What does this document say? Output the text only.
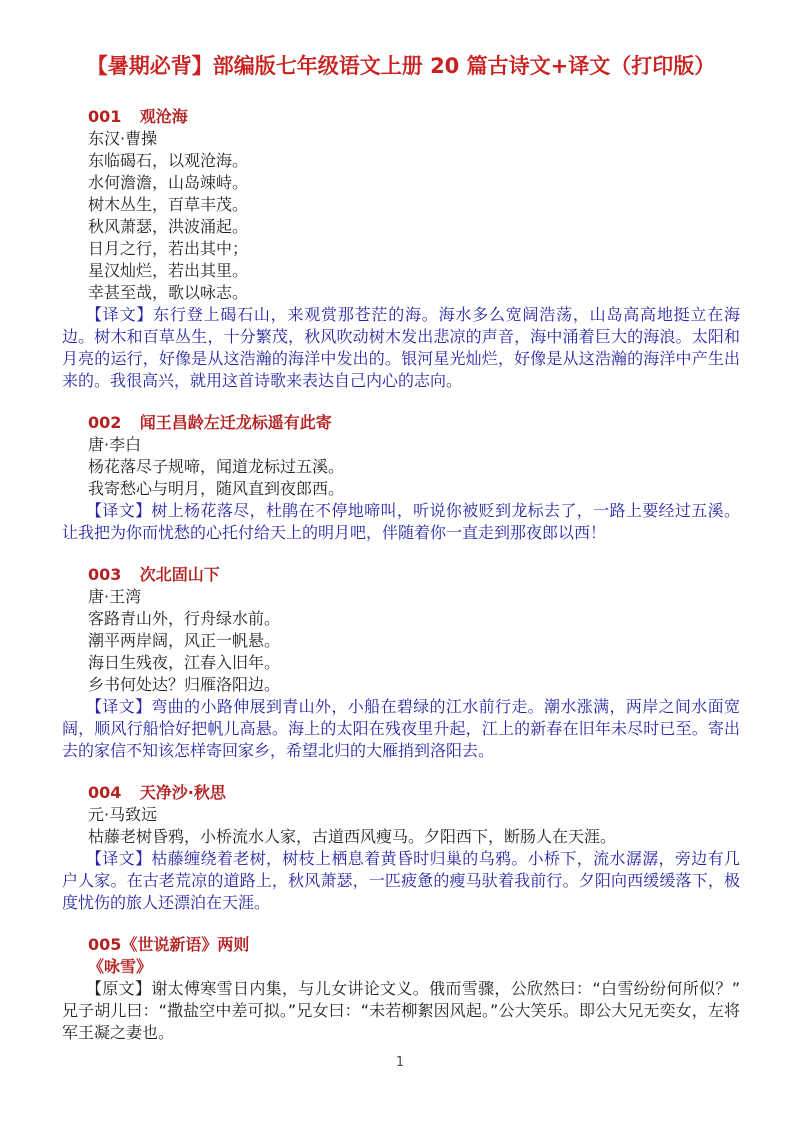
【暑期必背】部编版七年级语文上册 20 篇古诗文+译文（打印版）
001 观沧海
东汉·曹操
东临碣石，以观沧海。
水何澹澹，山岛竦峙。
树木丛生，百草丰茂。
秋风萧瑟，洪波涌起。
日月之行，若出其中；
星汉灿烂，若出其里。
幸甚至哉，歌以咏志。

【译文】东行登上碣石山，来观赏那苍茫的海。海水多么宽阔浩荡，山岛高高地挺立在海边。树木和百草丛生，十分繁茂，秋风吹动树木发出悲凉的声音，海中涌着巨大的海浪。太阳和月亮的运行，好像是从这浩瀚的海洋中发出的。银河星光灿烂，好像是从这浩瀚的海洋中产生出来的。我很高兴，就用这首诗歌来表达自己内心的志向。

002 闻王昌龄左迁龙标遥有此寄
唐·李白
杨花落尽子规啼，闻道龙标过五溪。
我寄愁心与明月，随风直到夜郎西。

【译文】树上杨花落尽，杜鹃在不停地啼叫，听说你被贬到龙标去了，一路上要经过五溪。让我把为你而忧愁的心托付给天上的明月吧，伴随着你一直走到那夜郎以西！

003 次北固山下
唐·王湾
客路青山外，行舟绿水前。
潮平两岸阔，风正一帆悬。
海日生残夜，江春入旧年。
乡书何处达？归雁洛阳边。

【译文】弯曲的小路伸展到青山外，小船在碧绿的江水前行走。潮水涨满，两岸之间水面宽阔，顺风行船恰好把帆儿高悬。海上的太阳在残夜里升起，江上的新春在旧年未尽时已至。寄出去的家信不知该怎样寄回家乡，希望北归的大雁捎到洛阳去。

004 天净沙·秋思
元·马致远
枯藤老树昏鸦，小桥流水人家，古道西风瘦马。夕阳西下，断肠人在天涯。

【译文】枯藤缠绕着老树，树枝上栖息着黄昏时归巢的乌鸦。小桥下，流水潺潺，旁边有几户人家。在古老荒凉的道路上，秋风萧瑟，一匹疲惫的瘦马驮着我前行。夕阳向西缓缓落下，极度忧伤的旅人还漂泊在天涯。

005《世说新语》两则
《咏雪》

【原文】谢太傅寒雪日内集，与儿女讲论文义。俄而雪骤，公欣然曰：“白雪纷纷何所似？”兄子胡儿曰：“撒盐空中差可拟。”兄女曰：“未若柳絮因风起。”公大笑乐。即公大兄无奕女，左将军王凝之妻也。

1
